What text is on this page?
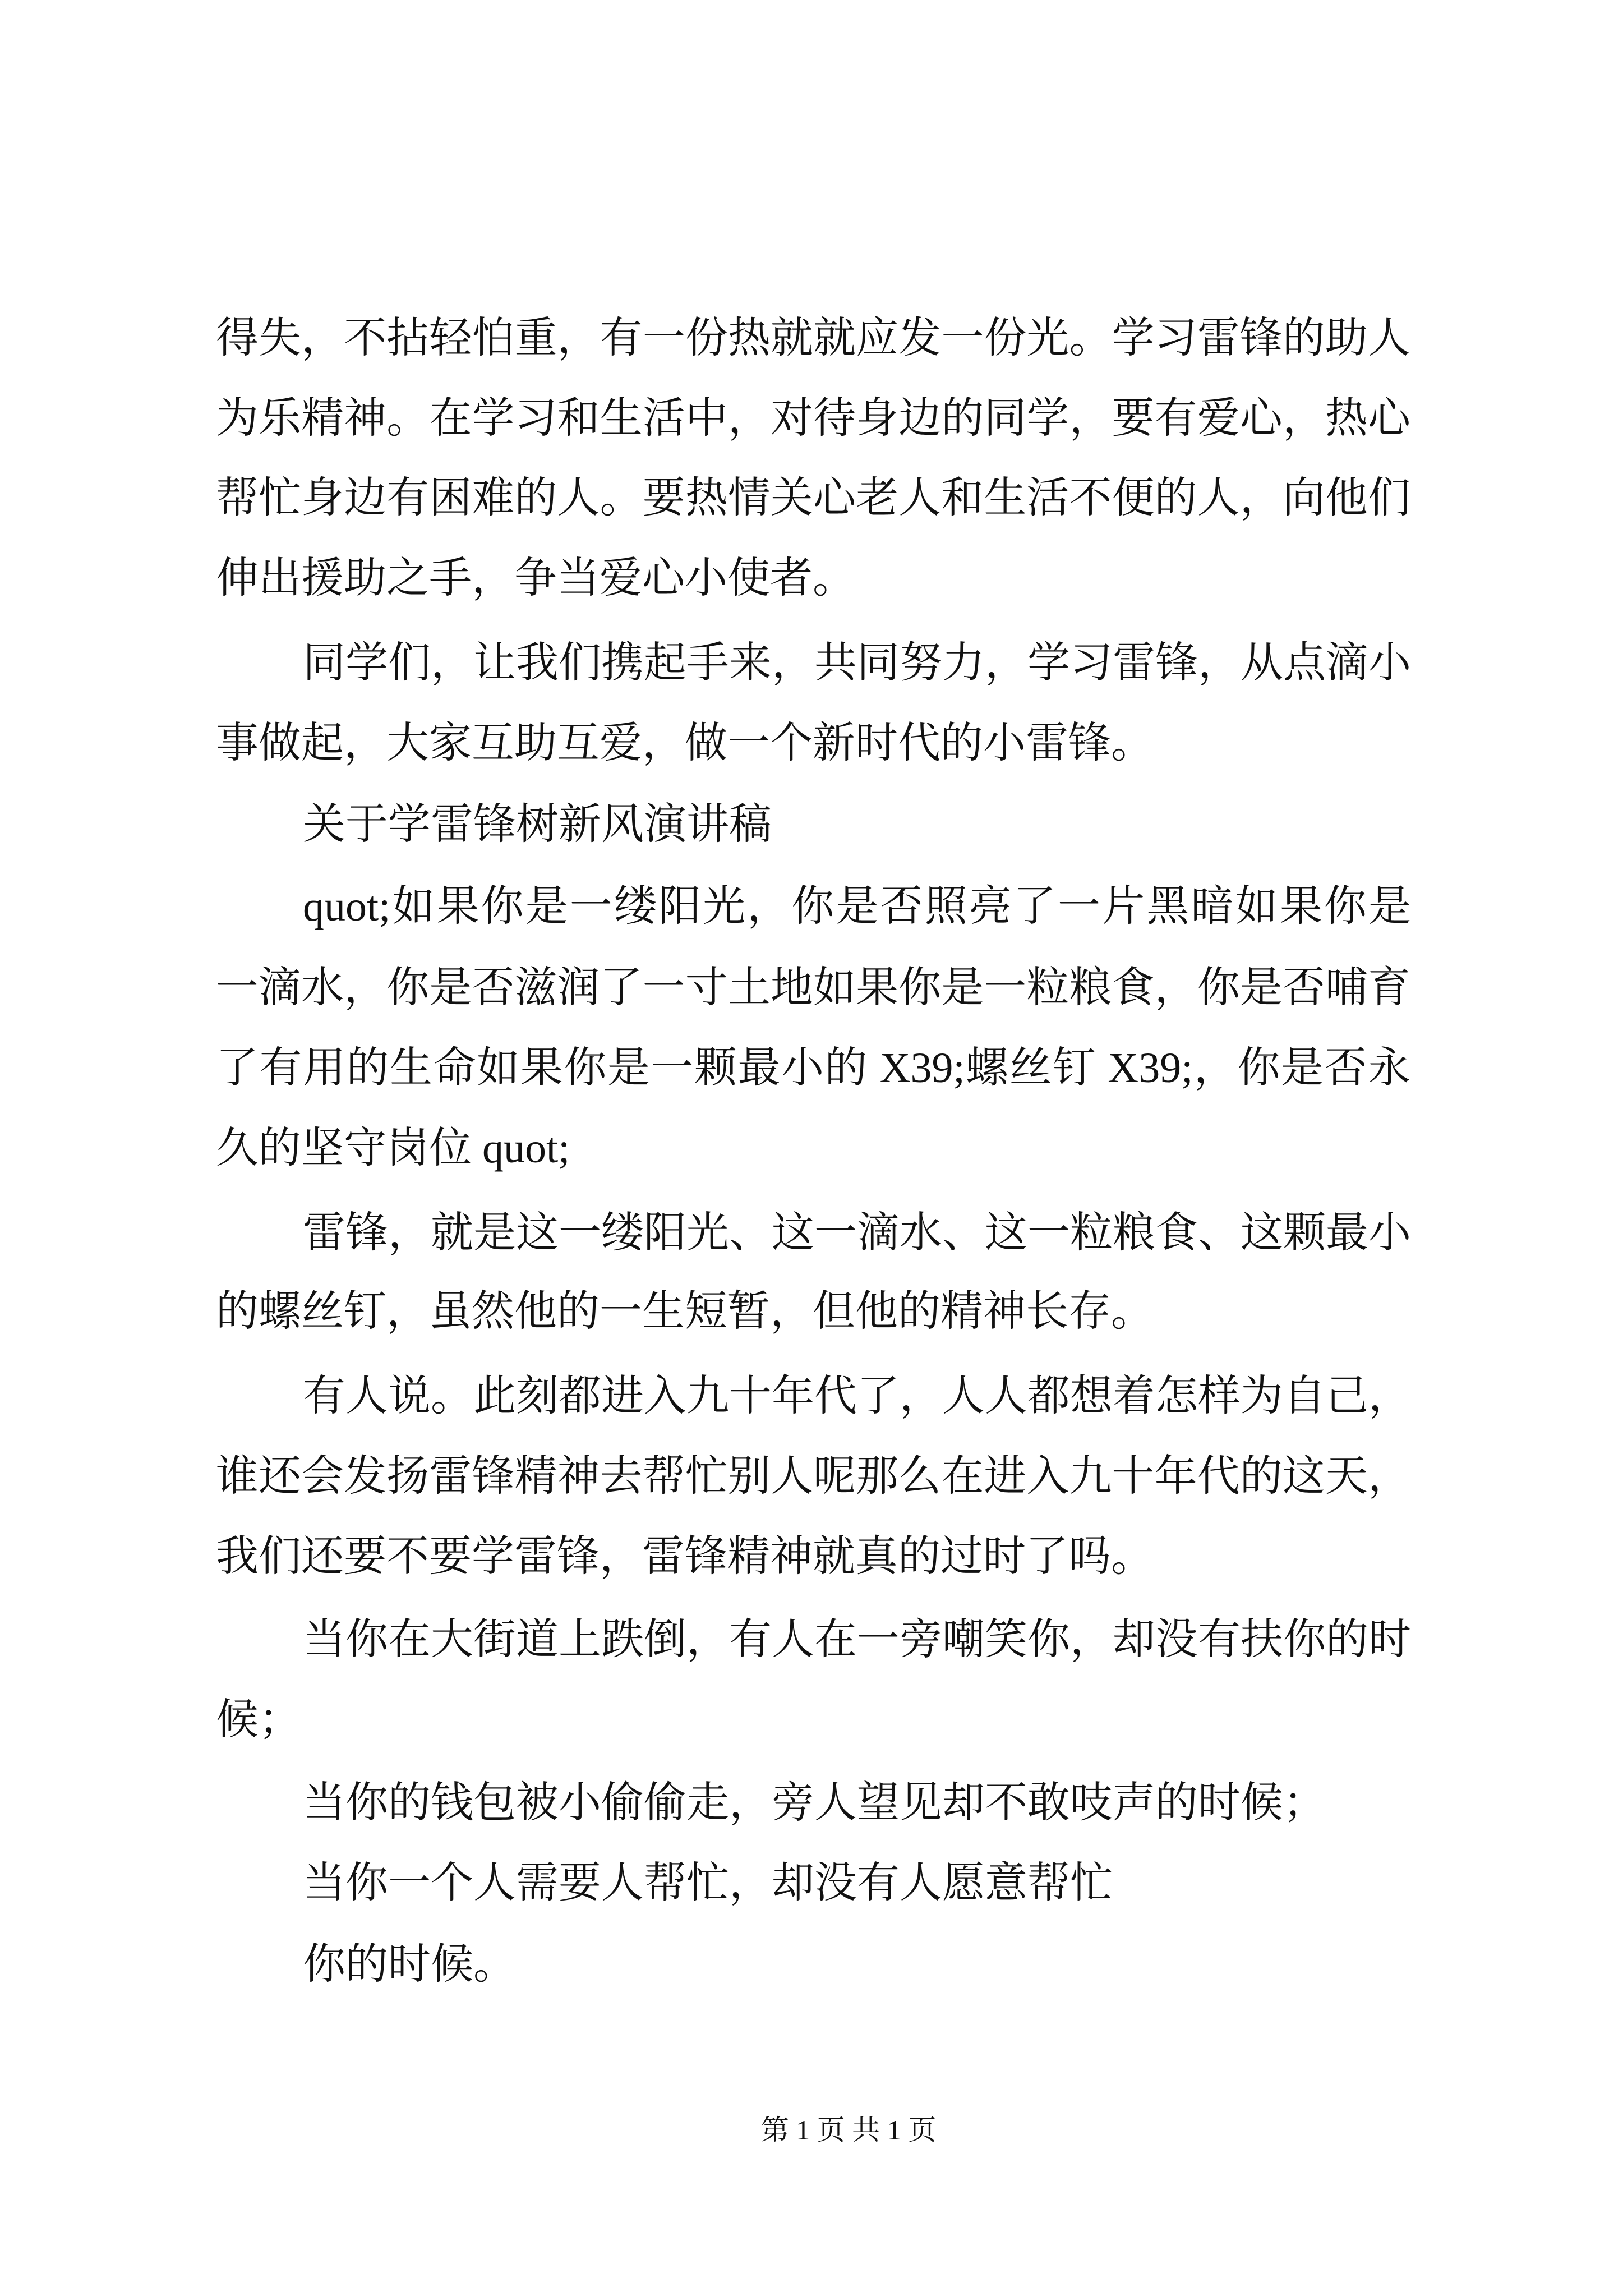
得失，不拈轻怕重，有一份热就就应发一份光。学习雷锋的助人
为乐精神。在学习和生活中，对待身边的同学，要有爱心，热心
帮忙身边有困难的人。要热情关心老人和生活不便的人，向他们
伸出援助之手，争当爱心小使者。
同学们，让我们携起手来，共同努力，学习雷锋，从点滴小
事做起，大家互助互爱，做一个新时代的小雷锋。
关于学雷锋树新风演讲稿
quot;如果你是一缕阳光，你是否照亮了一片黑暗如果你是
一滴水，你是否滋润了一寸土地如果你是一粒粮食，你是否哺育
了有用的生命如果你是一颗最小的 X39;螺丝钉 X39;，你是否永
久的坚守岗位 quot;
雷锋，就是这一缕阳光、这一滴水、这一粒粮食、这颗最小
的螺丝钉，虽然他的一生短暂，但他的精神长存。
有人说。此刻都进入九十年代了，人人都想着怎样为自己，
谁还会发扬雷锋精神去帮忙别人呢那么在进入九十年代的这天，
我们还要不要学雷锋，雷锋精神就真的过时了吗。
当你在大街道上跌倒，有人在一旁嘲笑你，却没有扶你的时
候；
当你的钱包被小偷偷走，旁人望见却不敢吱声的时候；
当你一个人需要人帮忙，却没有人愿意帮忙
你的时候。
第 1 页 共 1 页
